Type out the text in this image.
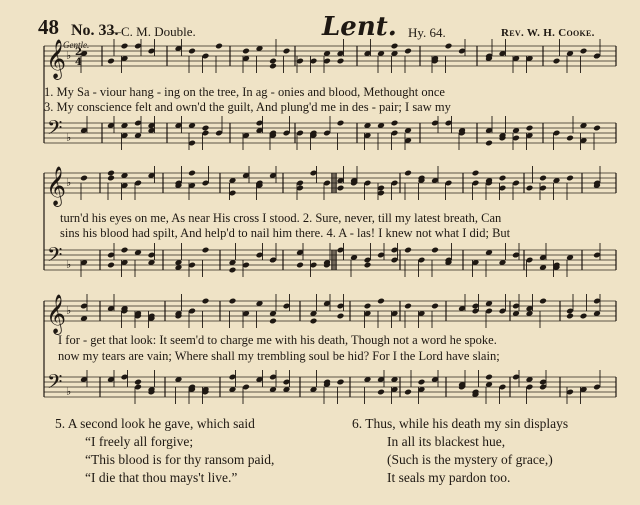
48 No. 33.
—C. M. Double.	Lent. Hy. 64.	Rev. W. H. Cooke.
Gentle.
𝄞
𝄢
♭
♭
2
4
𝄞
𝄢
♭
♭
𝄞
𝄢
♭
♭
1. My Sa - viour hang - ing on the tree, In ag - onies and blood, Methought once
3. My conscience felt and own'd the guilt, And plung'd me in des - pair; I saw my
turn'd his eyes on me, As near His cross I stood. 2. Sure, never, till my latest breath, Can
sins his blood had spilt, And help'd to nail him there. 4. A - las! I knew not what I did; But
I for - get that look: It seem'd to charge me with his death, Though not a word he spoke.
now my tears are vain; Where shall my trembling soul be hid? For I the Lord have slain;
5. A second look he gave, which said
“I freely all forgive;
“This blood is for thy ransom paid,
“I die that thou mays't live.”
6. Thus, while his death my sin displays
In all its blackest hue,
(Such is the mystery of grace,)
It seals my pardon too.
